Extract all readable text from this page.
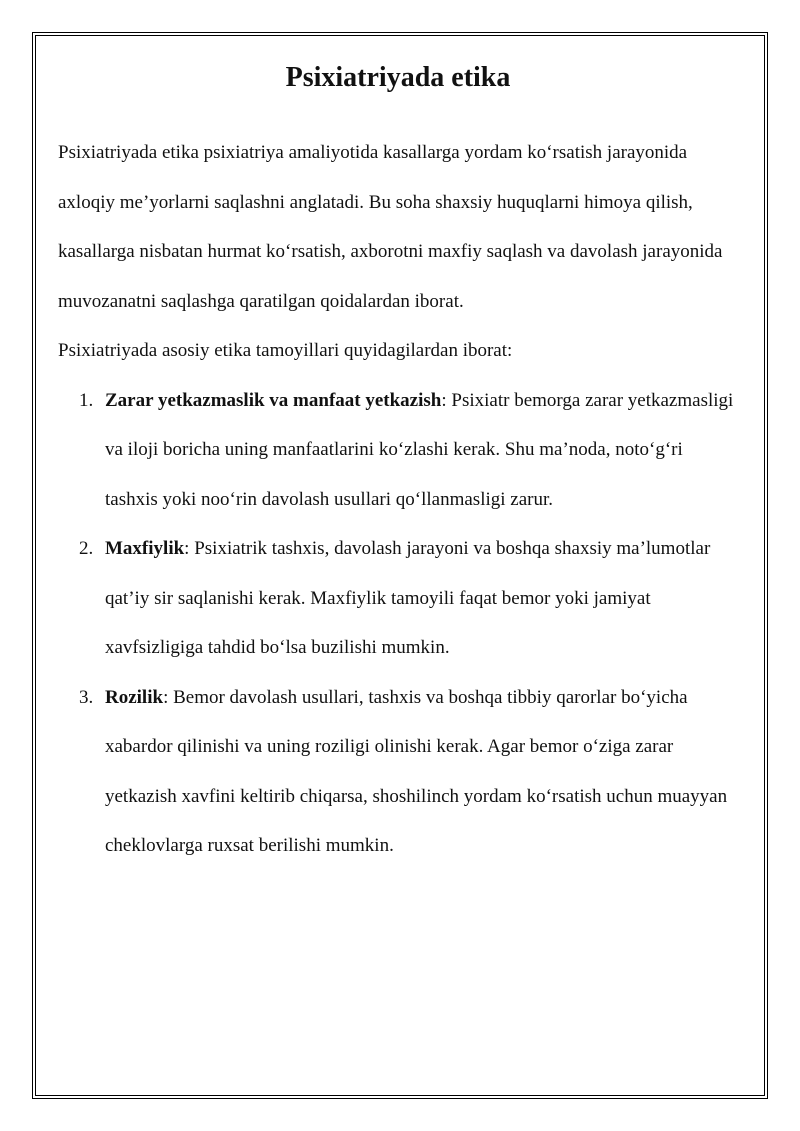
Psixiatriyada etika

Psixiatriyada etika psixiatriya amaliyotida kasallarga yordam ko‘rsatish jarayonida axloqiy me’yorlarni saqlashni anglatadi. Bu soha shaxsiy huquqlarni himoya qilish, kasallarga nisbatan hurmat ko‘rsatish, axborotni maxfiy saqlash va davolash jarayonida muvozanatni saqlashga qaratilgan qoidalardan iborat.

Psixiatriyada asosiy etika tamoyillari quyidagilardan iborat:

1. Zarar yetkazmaslik va manfaat yetkazish: Psixiatr bemorga zarar yetkazmasligi va iloji boricha uning manfaatlarini ko‘zlashi kerak. Shu ma’noda, noto‘g‘ri tashxis yoki noo‘rin davolash usullari qo‘llanmasligi zarur.
2. Maxfiylik: Psixiatrik tashxis, davolash jarayoni va boshqa shaxsiy ma’lumotlar qat’iy sir saqlanishi kerak. Maxfiylik tamoyili faqat bemor yoki jamiyat xavfsizligiga tahdid bo‘lsa buzilishi mumkin.
3. Rozilik: Bemor davolash usullari, tashxis va boshqa tibbiy qarorlar bo‘yicha xabardor qilinishi va uning roziligi olinishi kerak. Agar bemor o‘ziga zarar yetkazish xavfini keltirib chiqarsa, shoshilinch yordam ko‘rsatish uchun muayyan cheklovlarga ruxsat berilishi mumkin.
